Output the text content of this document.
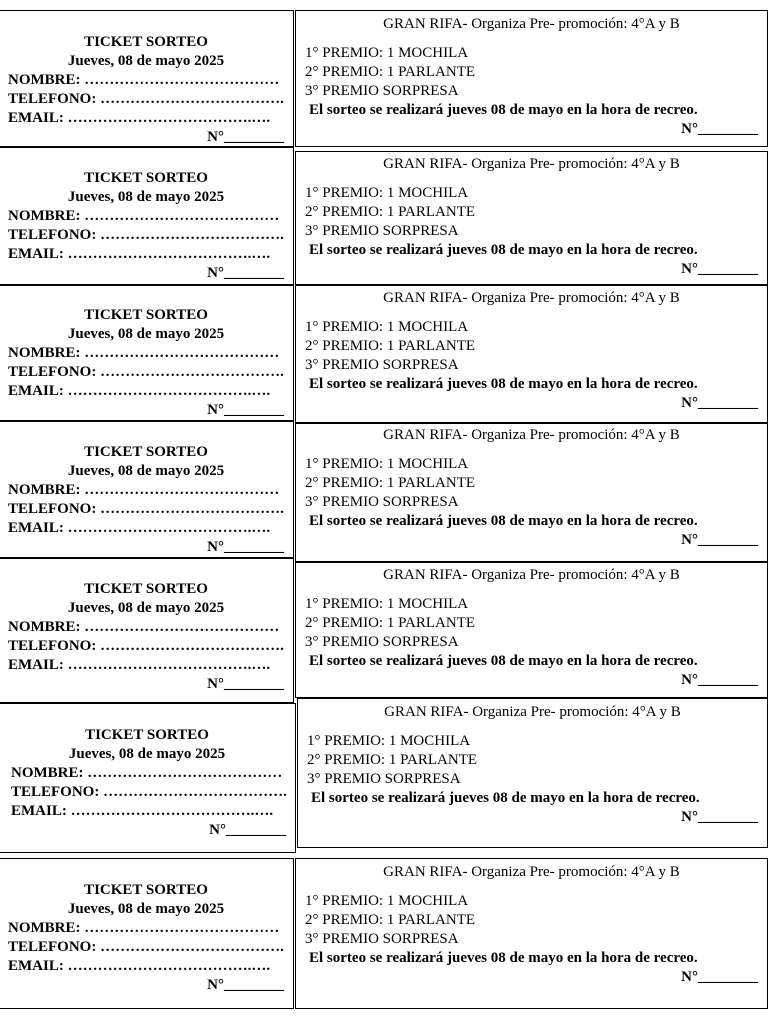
TICKET SORTEO
Jueves, 08 de mayo 2025
NOMBRE: …………………………………
TELEFONO: ……………………………….
EMAIL: ……………………………….….
N°________
GRAN RIFA- Organiza Pre- promoción: 4°A y B
1° PREMIO: 1 MOCHILA
2° PREMIO: 1 PARLANTE
3° PREMIO SORPRESA
El sorteo se realizará jueves 08 de mayo en la hora de recreo.
N°________
TICKET SORTEO
Jueves, 08 de mayo 2025
NOMBRE: …………………………………
TELEFONO: ……………………………….
EMAIL: ……………………………….….
N°________
GRAN RIFA- Organiza Pre- promoción: 4°A y B
1° PREMIO: 1 MOCHILA
2° PREMIO: 1 PARLANTE
3° PREMIO SORPRESA
El sorteo se realizará jueves 08 de mayo en la hora de recreo.
N°________
TICKET SORTEO
Jueves, 08 de mayo 2025
NOMBRE: …………………………………
TELEFONO: ……………………………….
EMAIL: ……………………………….….
N°________
GRAN RIFA- Organiza Pre- promoción: 4°A y B
1° PREMIO: 1 MOCHILA
2° PREMIO: 1 PARLANTE
3° PREMIO SORPRESA
El sorteo se realizará jueves 08 de mayo en la hora de recreo.
N°________
TICKET SORTEO
Jueves, 08 de mayo 2025
NOMBRE: …………………………………
TELEFONO: ……………………………….
EMAIL: ……………………………….….
N°________
GRAN RIFA- Organiza Pre- promoción: 4°A y B
1° PREMIO: 1 MOCHILA
2° PREMIO: 1 PARLANTE
3° PREMIO SORPRESA
El sorteo se realizará jueves 08 de mayo en la hora de recreo.
N°________
TICKET SORTEO
Jueves, 08 de mayo 2025
NOMBRE: …………………………………
TELEFONO: ……………………………….
EMAIL: ……………………………….….
N°________
GRAN RIFA- Organiza Pre- promoción: 4°A y B
1° PREMIO: 1 MOCHILA
2° PREMIO: 1 PARLANTE
3° PREMIO SORPRESA
El sorteo se realizará jueves 08 de mayo en la hora de recreo.
N°________
TICKET SORTEO
Jueves, 08 de mayo 2025
NOMBRE: …………………………………
TELEFONO: ……………………………….
EMAIL: ……………………………….….
N°________
GRAN RIFA- Organiza Pre- promoción: 4°A y B
1° PREMIO: 1 MOCHILA
2° PREMIO: 1 PARLANTE
3° PREMIO SORPRESA
El sorteo se realizará jueves 08 de mayo en la hora de recreo.
N°________
TICKET SORTEO
Jueves, 08 de mayo 2025
NOMBRE: …………………………………
TELEFONO: ……………………………….
EMAIL: ……………………………….….
N°________
GRAN RIFA- Organiza Pre- promoción: 4°A y B
1° PREMIO: 1 MOCHILA
2° PREMIO: 1 PARLANTE
3° PREMIO SORPRESA
El sorteo se realizará jueves 08 de mayo en la hora de recreo.
N°________
